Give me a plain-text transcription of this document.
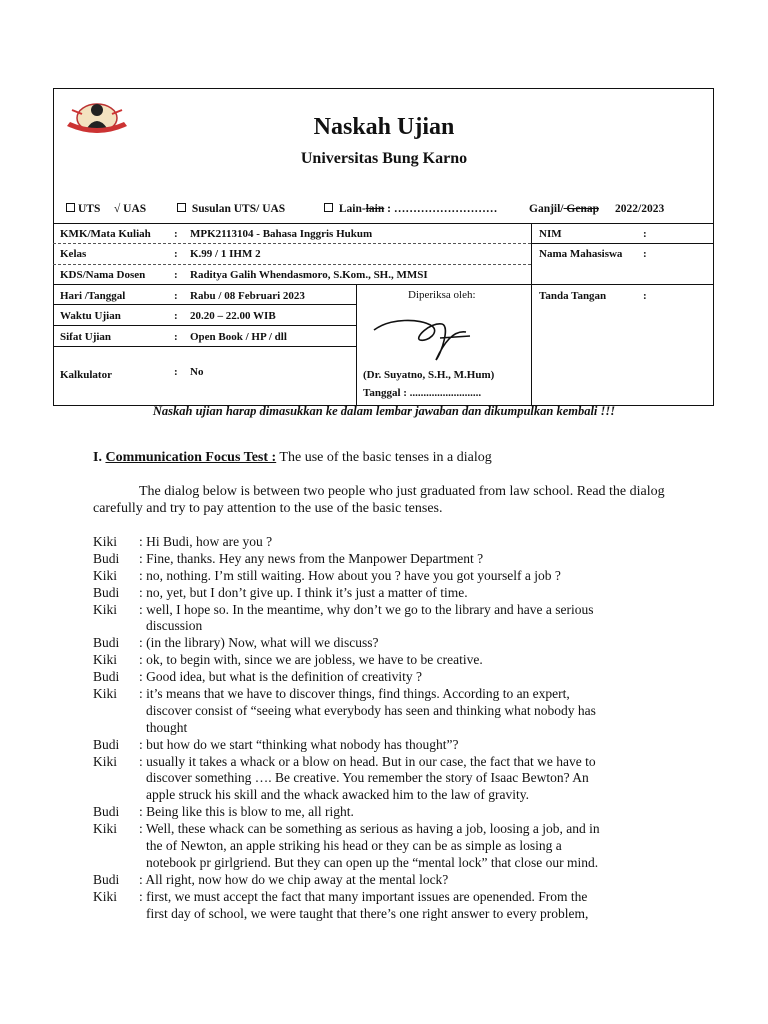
Naskah Ujian
Universitas Bung Karno
UTS √ UAS	Susulan UTS/ UAS	Lain-lain : ………………………	Ganjil/ Genap 2022/2023
KMK/Mata Kuliah : MPK2113104 - Bahasa Inggris Hukum
Kelas	: K.99 / 1 IHM 2
KDS/Nama Dosen	: Raditya Galih Whendasmoro, S.Kom., SH., MMSI
Hari /Tanggal	: Rabu / 08 Februari 2023
Waktu Ujian	: 20.20 – 22.00 WIB
Sifat Ujian	: Open Book / HP / dll
Kalkulator	: No
Diperiksa oleh:
(Dr. Suyatno, S.H., M.Hum)
Tanggal : ..........................
NIM	:
Nama Mahasiswa :
Tanda Tangan	:
Naskah ujian harap dimasukkan ke dalam lembar jawaban dan dikumpulkan kembali !!!
I. Communication Focus Test : The use of the basic tenses in a dialog

The dialog below is between two people who just graduated from law school. Read the dialog carefully and try to pay attention to the use of the basic tenses.

Kiki : Hi Budi, how are you ?
Budi : Fine, thanks. Hey any news from the Manpower Department ?
Kiki : no, nothing. I’m still waiting. How about you ? have you got yourself a job ?
Budi : no, yet, but I don’t give up. I think it’s just a matter of time.
Kiki : well, I hope so. In the meantime, why don’t we go to the library and have a serious
discussion
Budi : (in the library) Now, what will we discuss?
Kiki : ok, to begin with, since we are jobless, we have to be creative.
Budi : Good idea, but what is the definition of creativity ?
Kiki : it’s means that we have to discover things, find things. According to an expert,
discover consist of “seeing what everybody has seen and thinking what nobody has
thought
Budi : but how do we start “thinking what nobody has thought”?
Kiki : usually it takes a whack or a blow on head. But in our case, the fact that we have to
discover something …. Be creative. You remember the story of Isaac Bewton? An
apple struck his skill and the whack awacked him to the law of gravity.
Budi : Being like this is blow to me, all right.
Kiki : Well, these whack can be something as serious as having a job, loosing a job, and in
the of Newton, an apple striking his head or they can be as simple as losing a
notebook pr girlgriend. But they can open up the “mental lock” that close our mind.
Budi : All right, now how do we chip away at the mental lock?
Kiki : first, we must accept the fact that many important issues are openended. From the
first day of school, we were taught that there’s one right answer to every problem,
